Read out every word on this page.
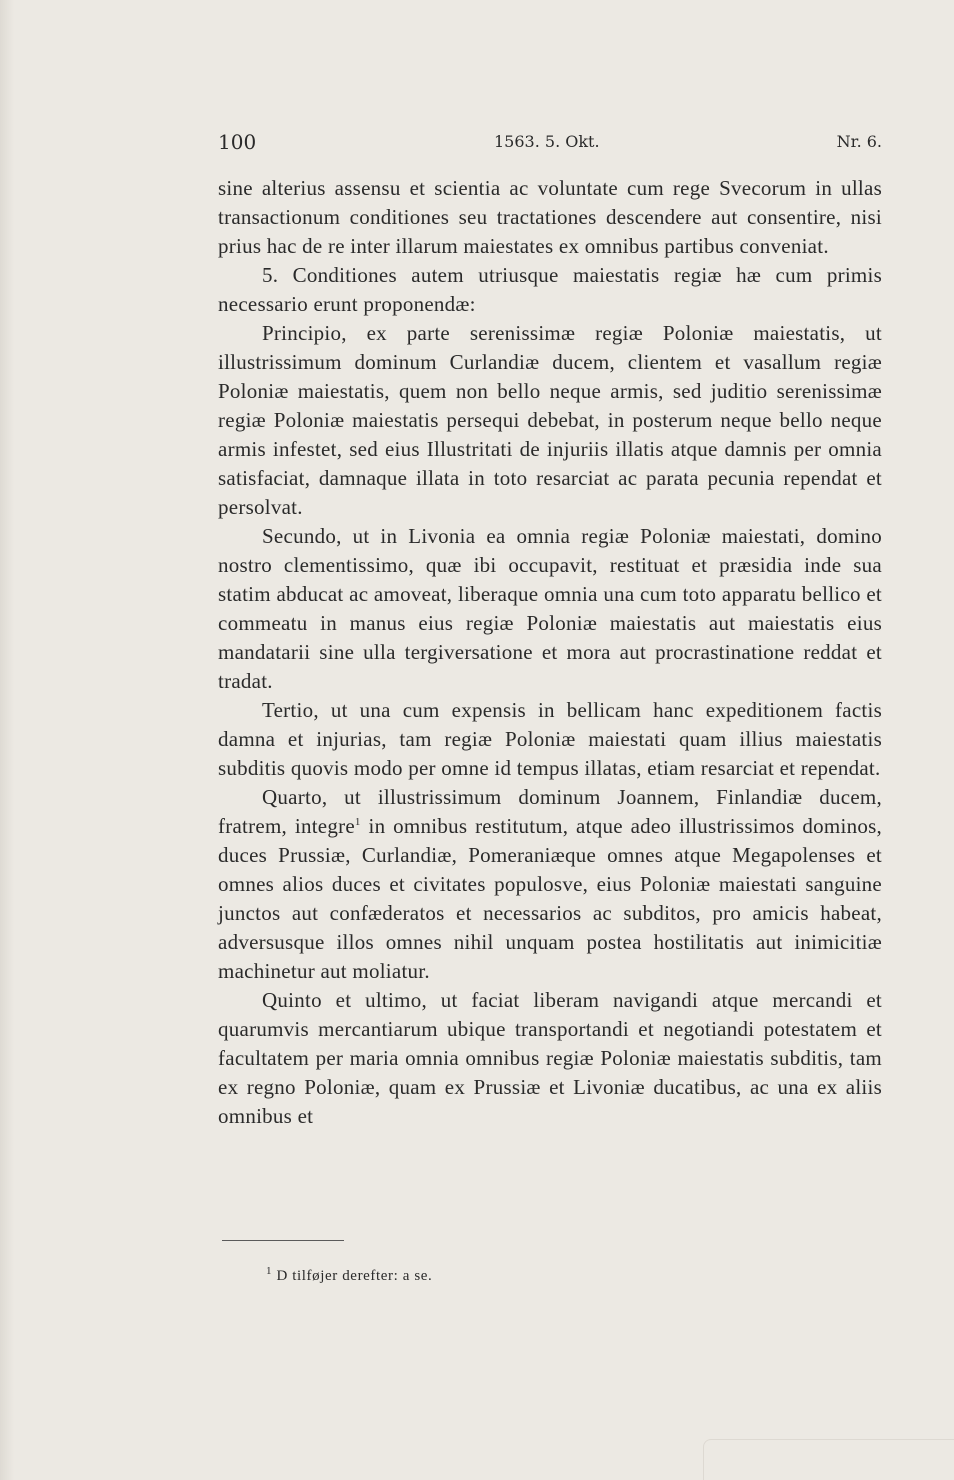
100	1563. 5. Okt.	Nr. 6.

sine alterius assensu et scientia ac voluntate cum rege Svecorum in ullas transactionum conditiones seu tractationes descendere aut consentire, nisi prius hac de re inter illarum maiestates ex omnibus partibus conveniat.

5. Conditiones autem utriusque maiestatis regiæ hæ cum primis necessario erunt proponendæ:

Principio, ex parte serenissimæ regiæ Poloniæ maiestatis, ut illustrissimum dominum Curlandiæ ducem, clientem et vasallum regiæ Poloniæ maiestatis, quem non bello neque armis, sed juditio serenissimæ regiæ Poloniæ maiestatis persequi debebat, in posterum neque bello neque armis infestet, sed eius Illustritati de injuriis illatis atque damnis per omnia satisfaciat, damnaque illata in toto resarciat ac parata pecunia rependat et persolvat.

Secundo, ut in Livonia ea omnia regiæ Poloniæ maiestati, domino nostro clementissimo, quæ ibi occupavit, restituat et præsidia inde sua statim abducat ac amoveat, liberaque omnia una cum toto apparatu bellico et commeatu in manus eius regiæ Poloniæ maiestatis aut maiestatis eius mandatarii sine ulla tergiversatione et mora aut procrastinatione reddat et tradat.

Tertio, ut una cum expensis in bellicam hanc expeditionem factis damna et injurias, tam regiæ Poloniæ maiestati quam illius maiestatis subditis quovis modo per omne id tempus illatas, etiam resarciat et rependat.

Quarto, ut illustrissimum dominum Joannem, Finlandiæ ducem, fratrem, integre$^1$ in omnibus restitutum, atque adeo illustrissimos dominos, duces Prussiæ, Curlandiæ, Pomeraniæque omnes atque Megapolenses et omnes alios duces et civitates populosve, eius Poloniæ maiestati sanguine junctos aut confæderatos et necessarios ac subditos, pro amicis habeat, adversusque illos omnes nihil unquam postea hostilitatis aut inimicitiæ machinetur aut moliatur.

Quinto et ultimo, ut faciat liberam navigandi atque mercandi et quarumvis mercantiarum ubique transportandi et negotiandi potestatem et facultatem per maria omnia omnibus regiæ Poloniæ maiestatis subditis, tam ex regno Poloniæ, quam ex Prussiæ et Livoniæ ducatibus, ac una ex aliis omnibus et

$^1$ D tilføjer derefter: a se.
